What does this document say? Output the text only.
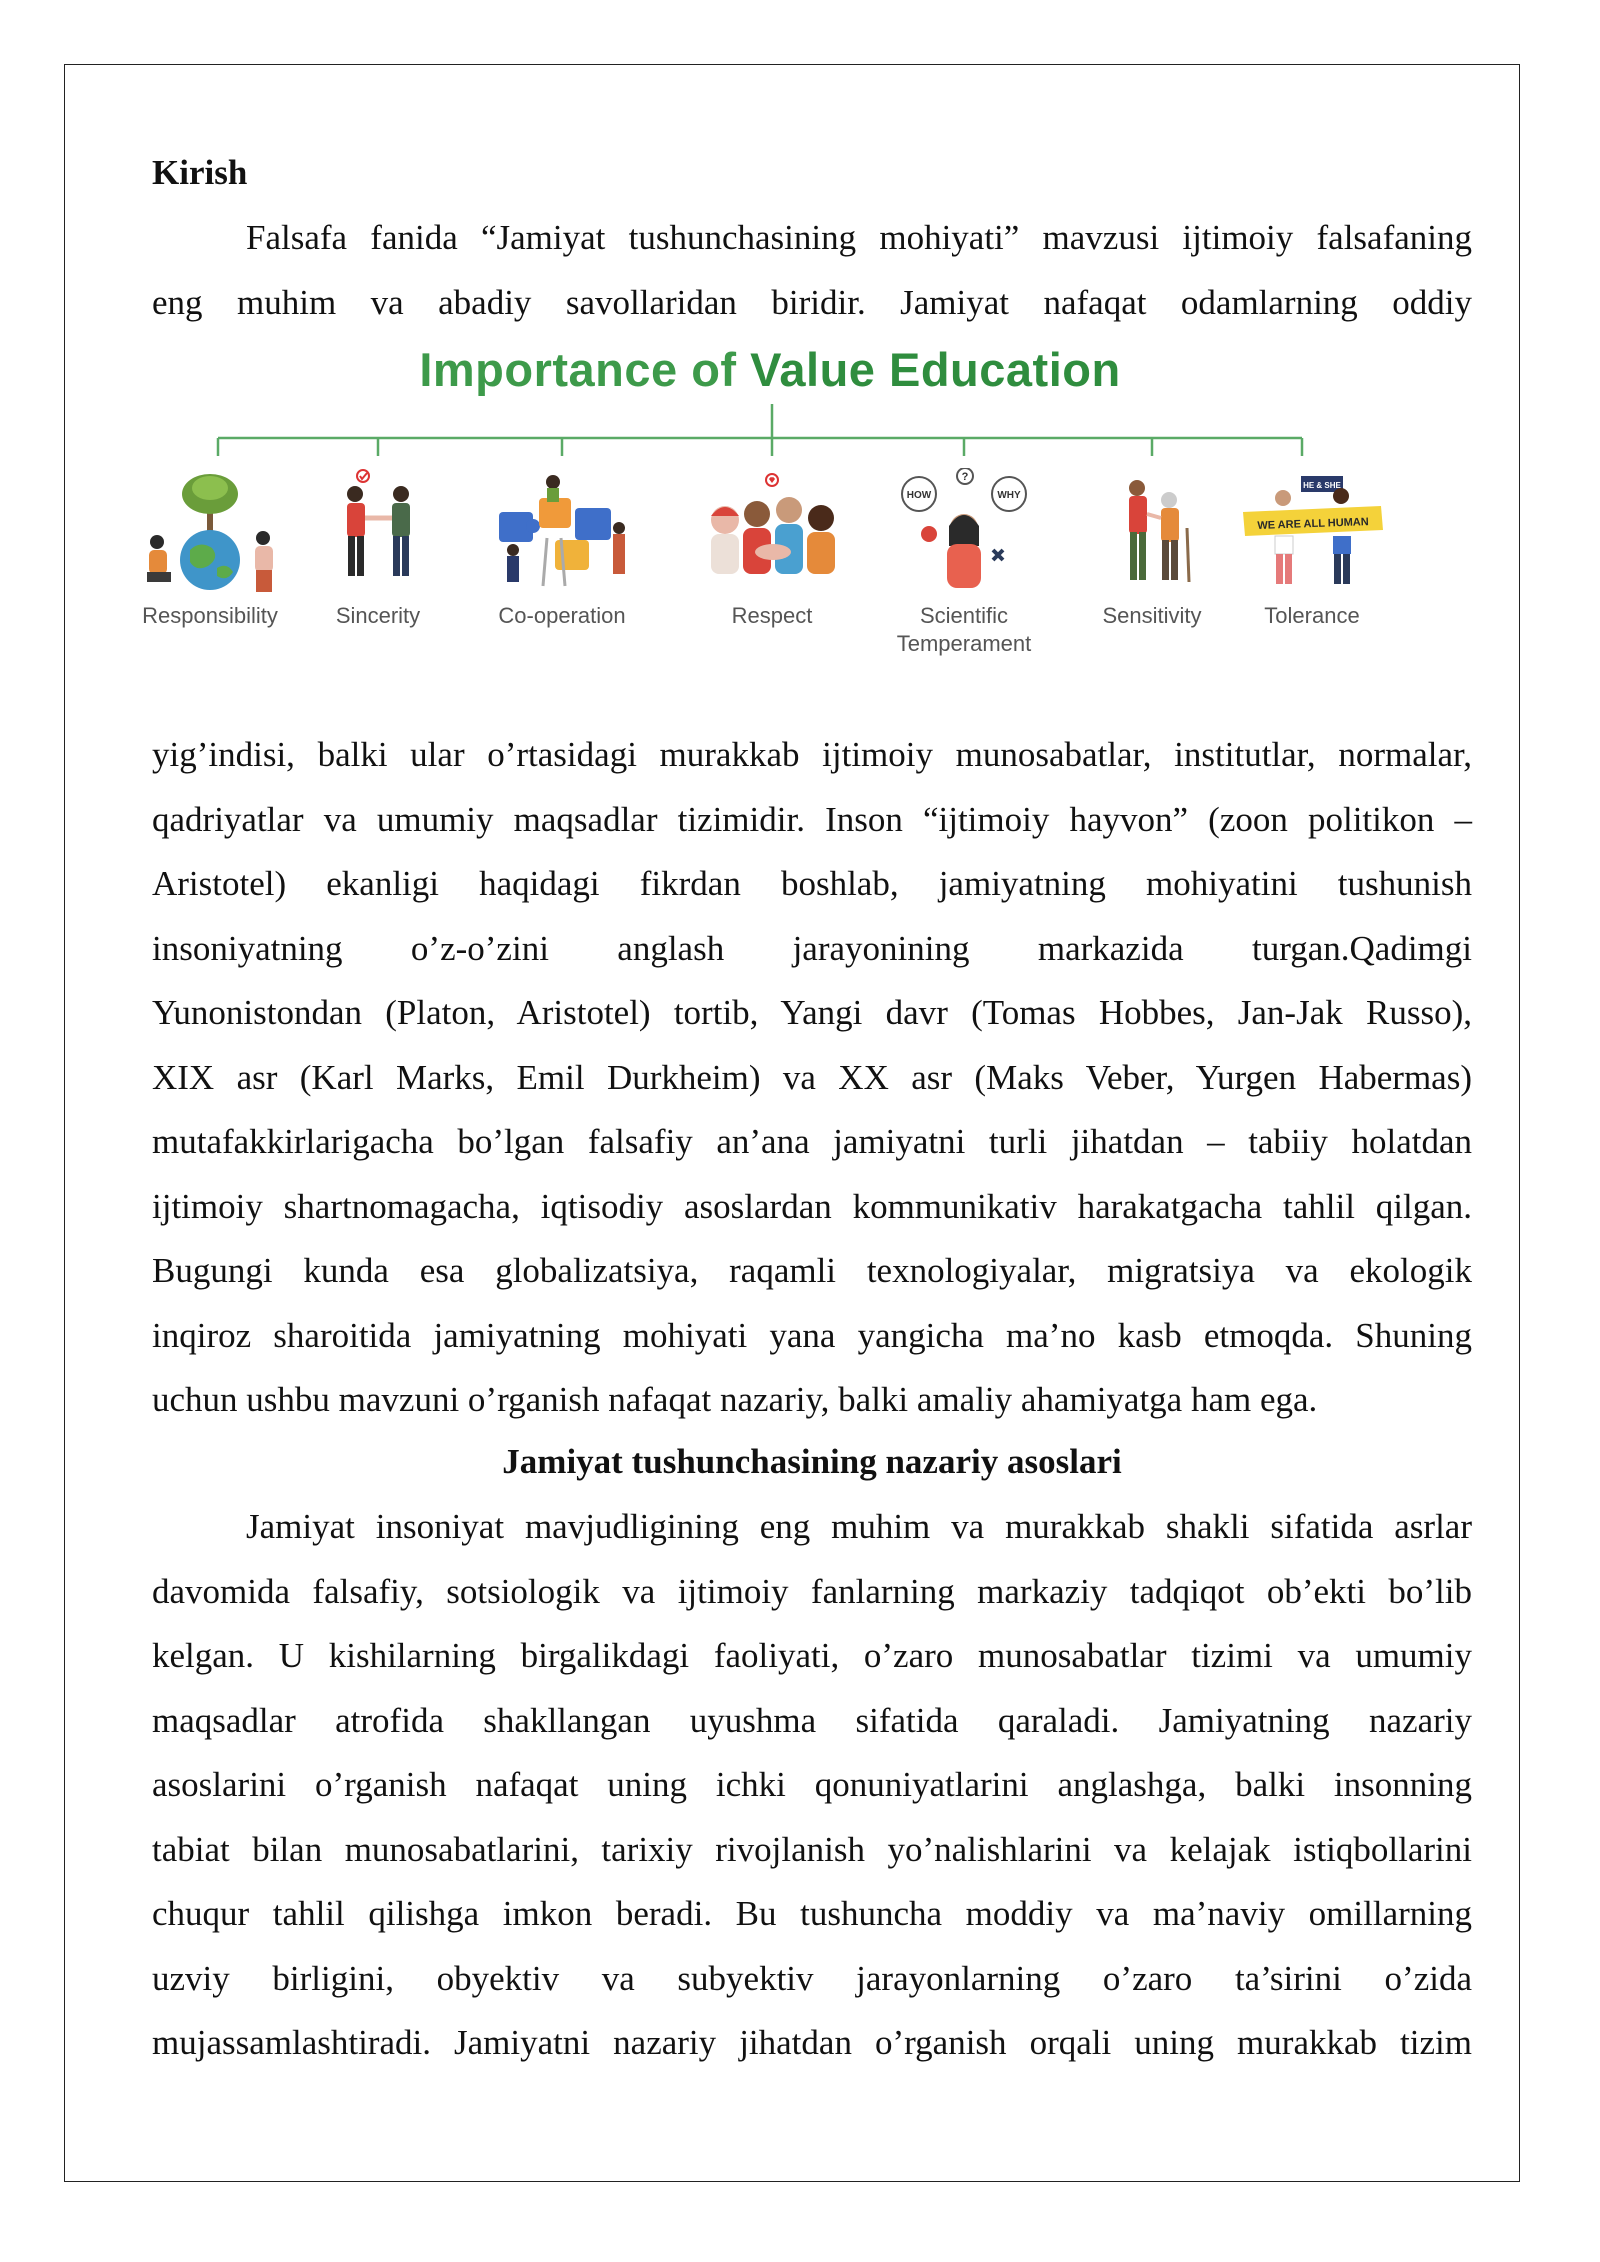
Kirish

Falsafa fanida “Jamiyat tushunchasining mohiyati” mavzusi ijtimoiy falsafaning

eng muhim va abadiy savollaridan biridir. Jamiyat nafaqat odamlarning oddiy

Importance of Value Education
Responsibility	Sincerity	Co-operation	Respect
HOW
?
WHY
Scientific
Temperament
Sensitivity
HE & SHE
WE ARE ALL HUMAN
Tolerance

yig’indisi, balki ular o’rtasidagi murakkab ijtimoiy munosabatlar, institutlar, normalar,

qadriyatlar va umumiy maqsadlar tizimidir. Inson “ijtimoiy hayvon” (zoon politikon –

Aristotel) ekanligi haqidagi fikrdan boshlab, jamiyatning mohiyatini tushunish

insoniyatning o’z-o’zini anglash jarayonining markazida turgan.Qadimgi

Yunonistondan (Platon, Aristotel) tortib, Yangi davr (Tomas Hobbes, Jan-Jak Russo),

XIX asr (Karl Marks, Emil Durkheim) va XX asr (Maks Veber, Yurgen Habermas)

mutafakkirlarigacha bo’lgan falsafiy an’ana jamiyatni turli jihatdan – tabiiy holatdan

ijtimoiy shartnomagacha, iqtisodiy asoslardan kommunikativ harakatgacha tahlil qilgan.

Bugungi kunda esa globalizatsiya, raqamli texnologiyalar, migratsiya va ekologik

inqiroz sharoitida jamiyatning mohiyati yana yangicha ma’no kasb etmoqda. Shuning

uchun ushbu mavzuni o’rganish nafaqat nazariy, balki amaliy ahamiyatga ham ega.

Jamiyat tushunchasining nazariy asoslari

Jamiyat insoniyat mavjudligining eng muhim va murakkab shakli sifatida asrlar

davomida falsafiy, sotsiologik va ijtimoiy fanlarning markaziy tadqiqot ob’ekti bo’lib

kelgan. U kishilarning birgalikdagi faoliyati, o’zaro munosabatlar tizimi va umumiy

maqsadlar atrofida shakllangan uyushma sifatida qaraladi. Jamiyatning nazariy

asoslarini o’rganish nafaqat uning ichki qonuniyatlarini anglashga, balki insonning

tabiat bilan munosabatlarini, tarixiy rivojlanish yo’nalishlarini va kelajak istiqbollarini

chuqur tahlil qilishga imkon beradi. Bu tushuncha moddiy va ma’naviy omillarning

uzviy birligini, obyektiv va subyektiv jarayonlarning o’zaro ta’sirini o’zida

mujassamlashtiradi. Jamiyatni nazariy jihatdan o’rganish orqali uning murakkab tizim
